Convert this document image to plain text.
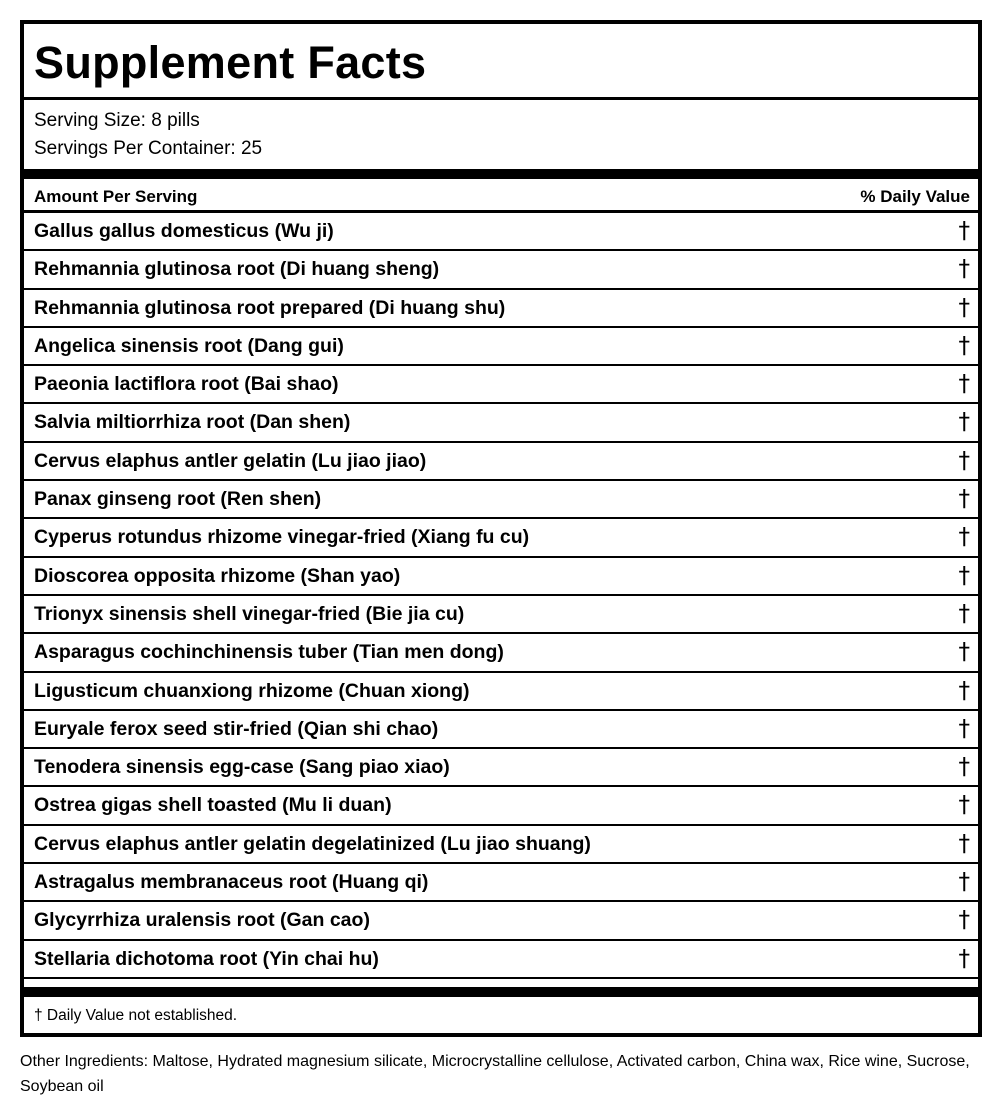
Supplement Facts
Serving Size: 8 pills
Servings Per Container: 25
Amount Per Serving	% Daily Value
Gallus gallus domesticus (Wu ji)	†
Rehmannia glutinosa root (Di huang sheng)	†
Rehmannia glutinosa root prepared (Di huang shu)	†
Angelica sinensis root (Dang gui)	†
Paeonia lactiflora root (Bai shao)	†
Salvia miltiorrhiza root (Dan shen)	†
Cervus elaphus antler gelatin (Lu jiao jiao)	†
Panax ginseng root (Ren shen)	†
Cyperus rotundus rhizome vinegar-fried (Xiang fu cu)	†
Dioscorea opposita rhizome (Shan yao)	†
Trionyx sinensis shell vinegar-fried (Bie jia cu)	†
Asparagus cochinchinensis tuber (Tian men dong)	†
Ligusticum chuanxiong rhizome (Chuan xiong)	†
Euryale ferox seed stir-fried (Qian shi chao)	†
Tenodera sinensis egg-case (Sang piao xiao)	†
Ostrea gigas shell toasted (Mu li duan)	†
Cervus elaphus antler gelatin degelatinized (Lu jiao shuang)	†
Astragalus membranaceus root (Huang qi)	†
Glycyrrhiza uralensis root (Gan cao)	†
Stellaria dichotoma root (Yin chai hu)	†
† Daily Value not established.
Other Ingredients: Maltose, Hydrated magnesium silicate, Microcrystalline cellulose, Activated carbon, China wax, Rice wine, Sucrose, Soybean oil
